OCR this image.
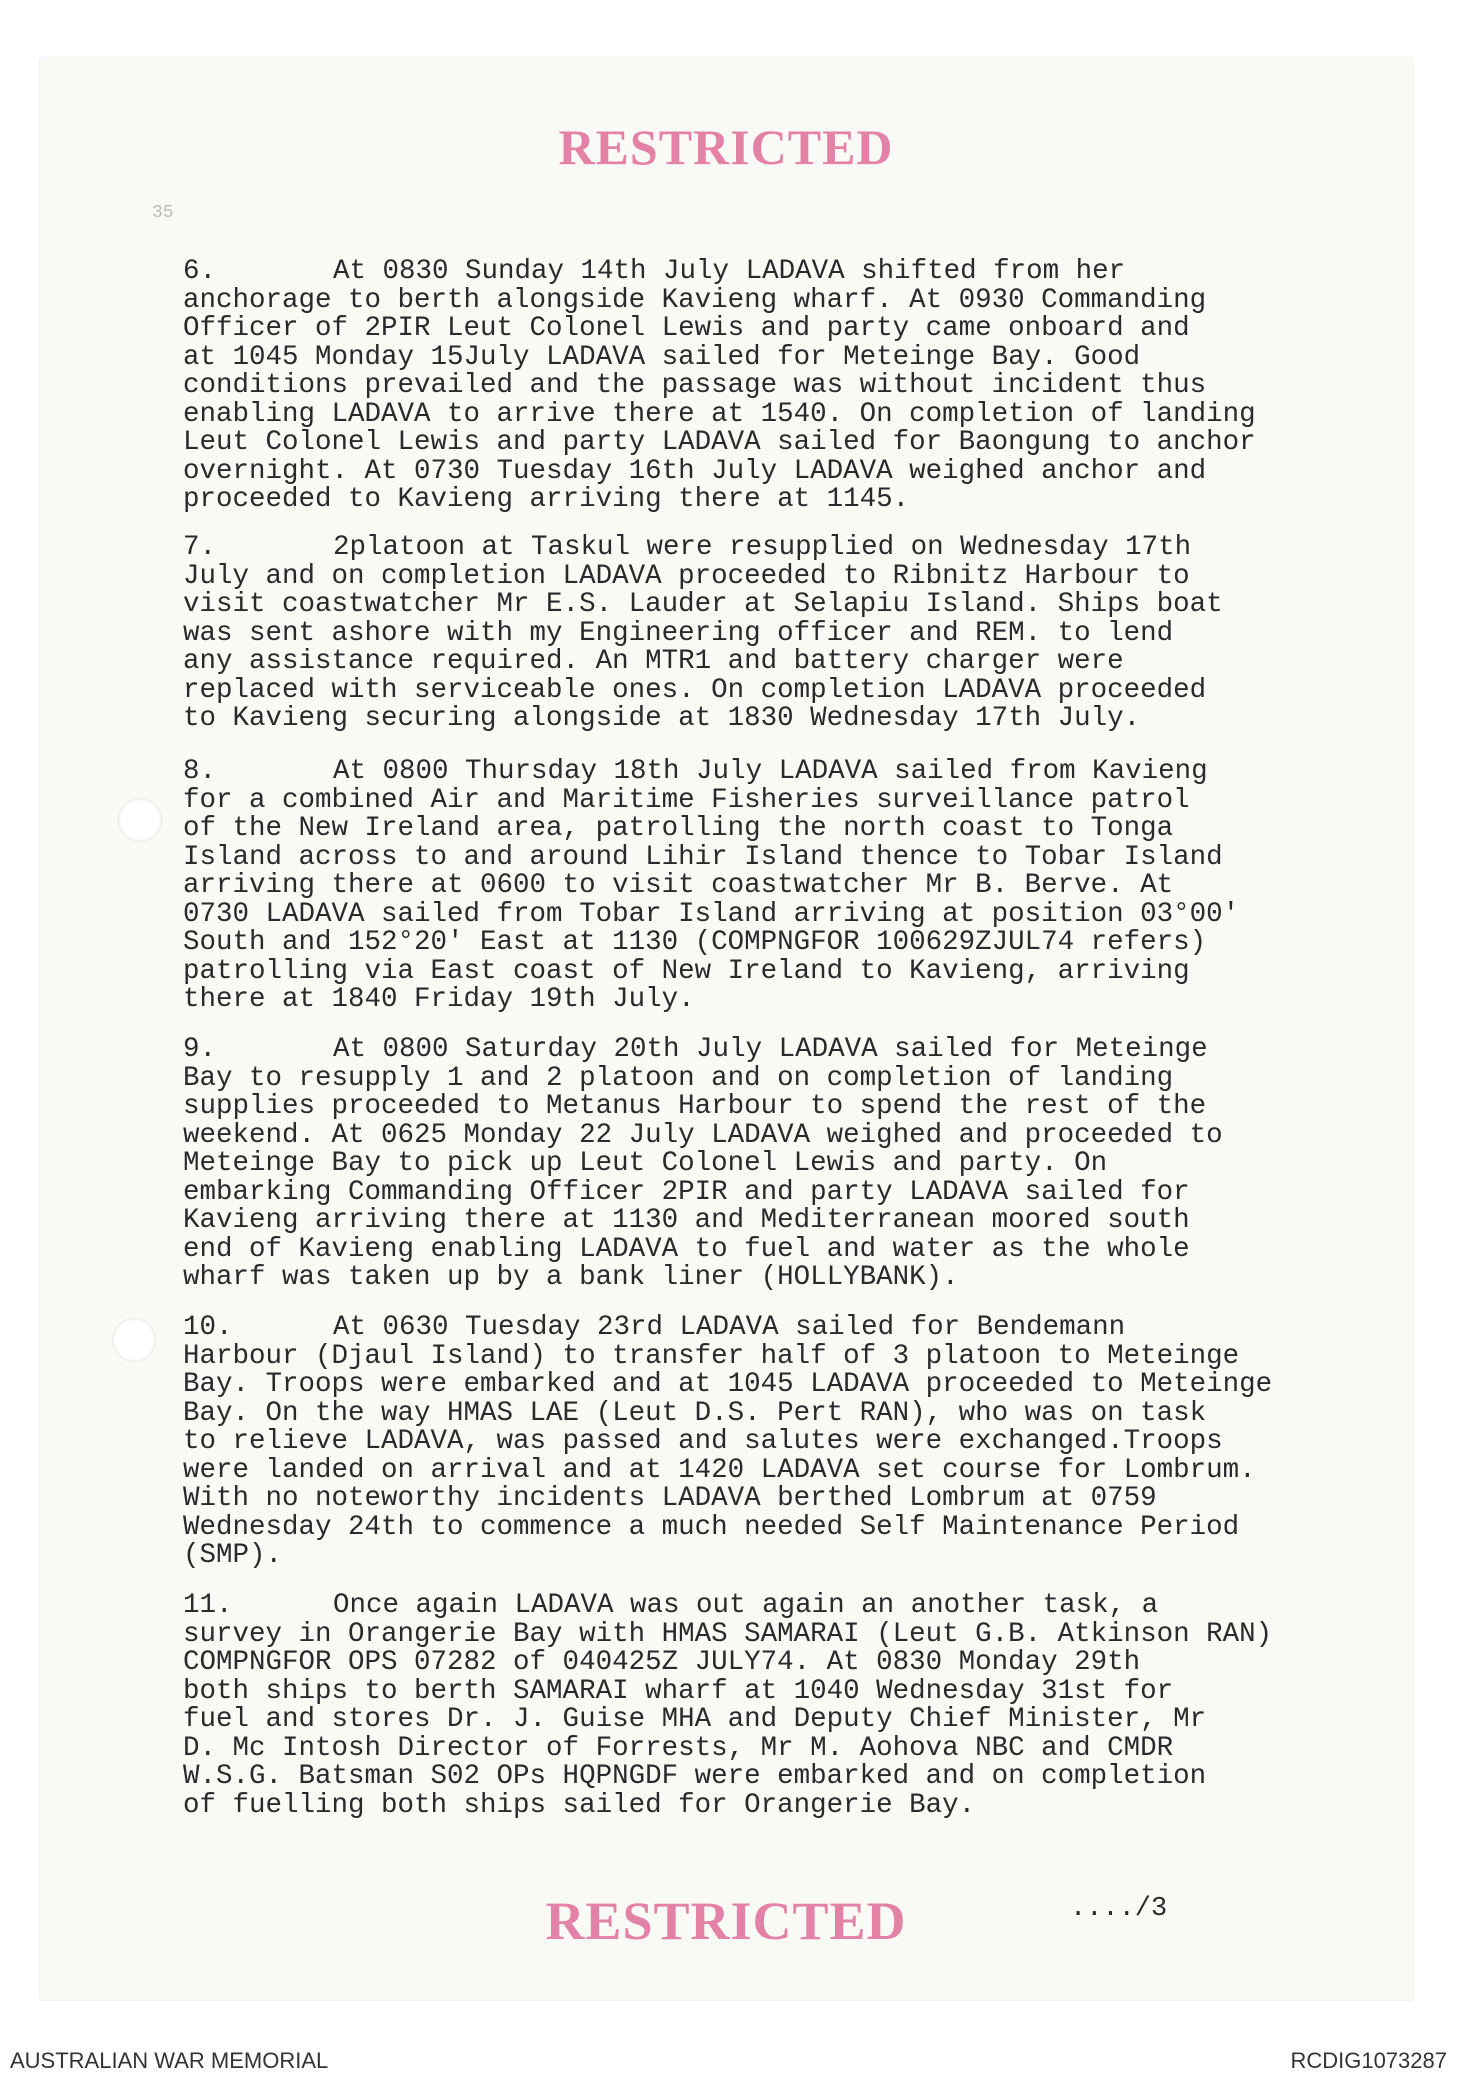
35
RESTRICTED

6.	At 0830 Sunday 14th July LADAVA shifted from her

anchorage to berth alongside Kavieng wharf. At 0930 Commanding

Officer of 2PIR Leut Colonel Lewis and party came onboard and

at 1045 Monday 15July LADAVA sailed for Meteinge Bay. Good

conditions prevailed and the passage was without incident thus

enabling LADAVA to arrive there at 1540. On completion of landing

Leut Colonel Lewis and party LADAVA sailed for Baongung to anchor

overnight. At 0730 Tuesday 16th July LADAVA weighed anchor and

proceeded to Kavieng arriving there at 1145.

7.	2platoon at Taskul were resupplied on Wednesday 17th

July and on completion LADAVA proceeded to Ribnitz Harbour to

visit coastwatcher Mr E.S. Lauder at Selapiu Island. Ships boat

was sent ashore with my Engineering officer and REM. to lend

any assistance required. An MTR1 and battery charger were

replaced with serviceable ones. On completion LADAVA proceeded

to Kavieng securing alongside at 1830 Wednesday 17th July.

8.	At 0800 Thursday 18th July LADAVA sailed from Kavieng

for a combined Air and Maritime Fisheries surveillance patrol

of the New Ireland area, patrolling the north coast to Tonga

Island across to and around Lihir Island thence to Tobar Island

arriving there at 0600 to visit coastwatcher Mr B. Berve. At

0730 LADAVA sailed from Tobar Island arriving at position 03°00'

South and 152°20' East at 1130 (COMPNGFOR 100629ZJUL74 refers)

patrolling via East coast of New Ireland to Kavieng, arriving

there at 1840 Friday 19th July.

9.	At 0800 Saturday 20th July LADAVA sailed for Meteinge

Bay to resupply 1 and 2 platoon and on completion of landing

supplies proceeded to Metanus Harbour to spend the rest of the

weekend. At 0625 Monday 22 July LADAVA weighed and proceeded to

Meteinge Bay to pick up Leut Colonel Lewis and party. On

embarking Commanding Officer 2PIR and party LADAVA sailed for

Kavieng arriving there at 1130 and Mediterranean moored south

end of Kavieng enabling LADAVA to fuel and water as the whole

wharf was taken up by a bank liner (HOLLYBANK).

10.	At 0630 Tuesday 23rd LADAVA sailed for Bendemann

Harbour (Djaul Island) to transfer half of 3 platoon to Meteinge

Bay. Troops were embarked and at 1045 LADAVA proceeded to Meteinge

Bay. On the way HMAS LAE (Leut D.S. Pert RAN), who was on task

to relieve LADAVA, was passed and salutes were exchanged.Troops

were landed on arrival and at 1420 LADAVA set course for Lombrum.

With no noteworthy incidents LADAVA berthed Lombrum at 0759

Wednesday 24th to commence a much needed Self Maintenance Period

(SMP).

11.	Once again LADAVA was out again an another task, a

survey in Orangerie Bay with HMAS SAMARAI (Leut G.B. Atkinson RAN)

COMPNGFOR OPS 07282 of 040425Z JULY74. At 0830 Monday 29th

both ships to berth SAMARAI wharf at 1040 Wednesday 31st for

fuel and stores Dr. J. Guise MHA and Deputy Chief Minister, Mr

D. Mc Intosh Director of Forrests, Mr M. Aohova NBC and CMDR

W.S.G. Batsman S02 OPs HQPNGDF were embarked and on completion

of fuelling both ships sailed for Orangerie Bay.

RESTRICTED	..../3
AUSTRALIAN WAR MEMORIAL	RCDIG1073287
